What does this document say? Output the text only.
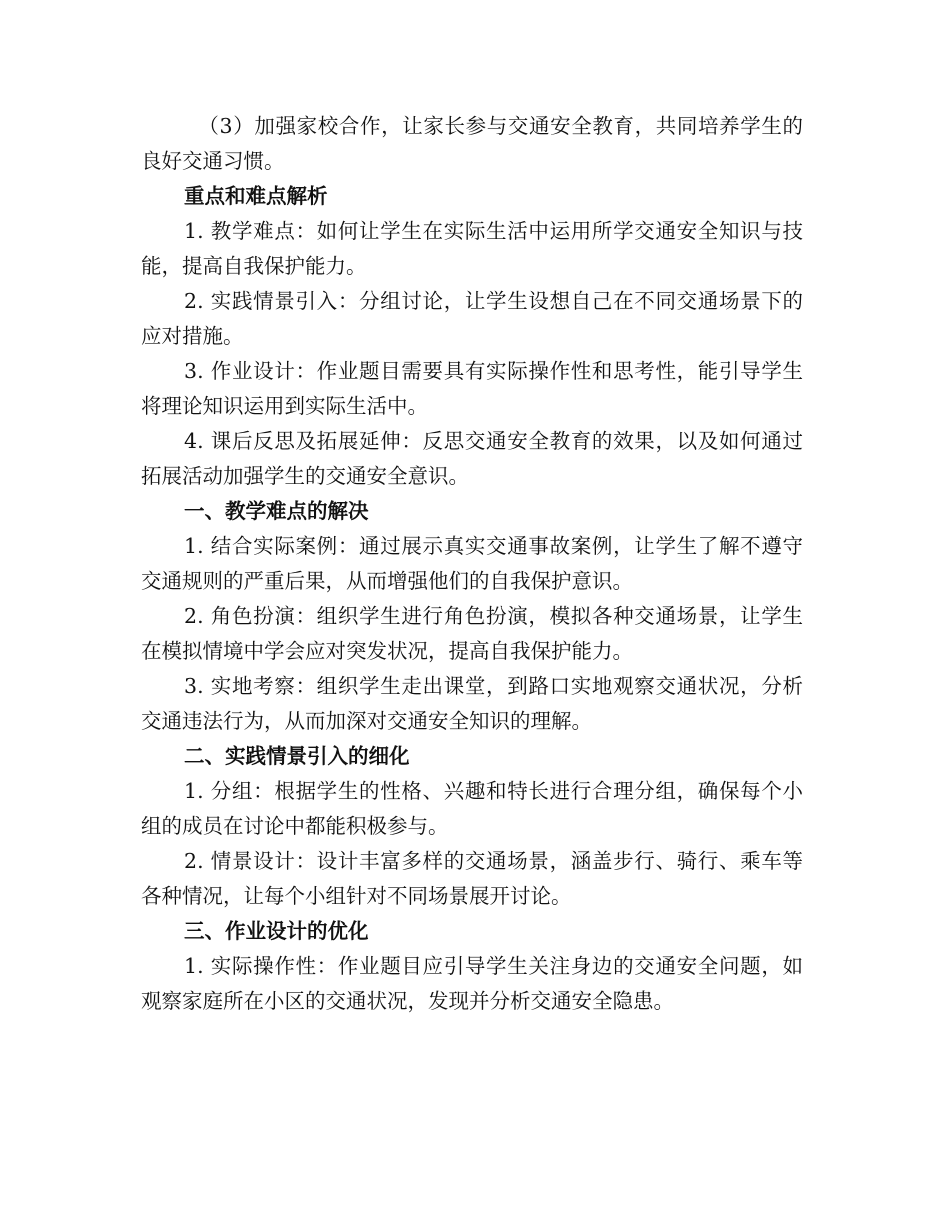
（3）加强家校合作，让家长参与交通安全教育，共同培养学生的良好交通习惯。

重点和难点解析

1. 教学难点：如何让学生在实际生活中运用所学交通安全知识与技能，提高自我保护能力。

2. 实践情景引入：分组讨论，让学生设想自己在不同交通场景下的应对措施。

3. 作业设计：作业题目需要具有实际操作性和思考性，能引导学生将理论知识运用到实际生活中。

4. 课后反思及拓展延伸：反思交通安全教育的效果，以及如何通过拓展活动加强学生的交通安全意识。

一、教学难点的解决

1. 结合实际案例：通过展示真实交通事故案例，让学生了解不遵守交通规则的严重后果，从而增强他们的自我保护意识。

2. 角色扮演：组织学生进行角色扮演，模拟各种交通场景，让学生在模拟情境中学会应对突发状况，提高自我保护能力。

3. 实地考察：组织学生走出课堂，到路口实地观察交通状况，分析交通违法行为，从而加深对交通安全知识的理解。

二、实践情景引入的细化

1. 分组：根据学生的性格、兴趣和特长进行合理分组，确保每个小组的成员在讨论中都能积极参与。

2. 情景设计：设计丰富多样的交通场景，涵盖步行、骑行、乘车等各种情况，让每个小组针对不同场景展开讨论。

三、作业设计的优化

1. 实际操作性：作业题目应引导学生关注身边的交通安全问题，如观察家庭所在小区的交通状况，发现并分析交通安全隐患。
